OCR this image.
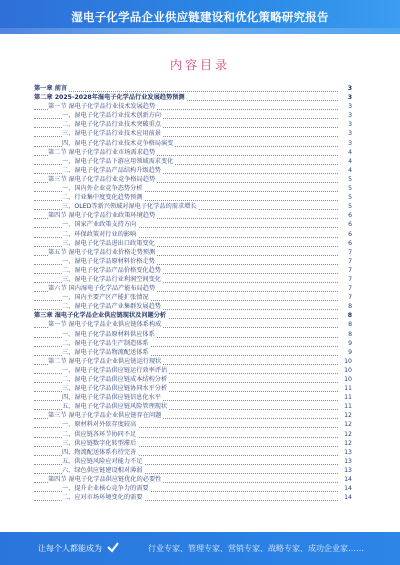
湿电子化学品企业供应链建设和优化策略研究报告
内容目录
第一章 前言	3
第二章 2025-2028年湿电子化学品行业发展趋势预测	3
第一节 湿电子化学品行业技术发展趋势	3
一、湿电子化学品行业技术创新方向	3
二、湿电子化学品行业技术突破重点	3
三、湿电子化学品行业技术应用前景	3
四、湿电子化学品行业技术竞争格局演变	3
第二节 湿电子化学品行业市场需求趋势	4
一、湿电子化学品下游应用领域需求变化	4
二、湿电子化学品产品结构升级趋势	4
第三节 湿电子化学品行业竞争格局趋势	5
一、国内外企业竞争态势分析	5
二、行业集中度变化趋势预测	5
三、OLED等新兴领域对湿电子化学品的需求增长	5
第四节 湿电子化学品行业政策环境趋势	6
一、国家产业政策支持方向	6
二、环保政策对行业的影响	6
三、湿电子化学品进出口政策变化	6
第五节 湿电子化学品行业价格走势预测	7
一、湿电子化学品原材料价格走势	7
二、湿电子化学品产品价格变化趋势	7
三、湿电子化学品行业利润空间变化	7
第六节 国内湿电子化学品产能布局趋势	7
一、国内主要产区产能扩张情况	7
二、湿电子化学品产业集群发展趋势	8
第三章 湿电子化学品企业供应链现状及问题分析	8
第一节 湿电子化学品企业供应链体系构成	8
一、湿电子化学品原材料供应体系	8
二、湿电子化学品生产制造体系	9
三、湿电子化学品物流配送体系	9
第二节 湿电子化学品企业供应链运行现状	10
一、湿电子化学品供应链运行效率评估	10
二、湿电子化学品供应链成本结构分析	10
三、湿电子化学品供应链协同水平分析	11
四、湿电子化学品供应链信息化水平	11
五、湿电子化学品供应链风险管理现状	11
第三节 湿电子化学品企业供应链存在问题	12
一、原材料对外依存度较高	12
二、供应链各环节协同不足	12
三、供应链数字化转型滞后	12
四、物流配送体系有待完善	13
五、供应链风险应对能力不足	13
六、绿色供应链建设相对薄弱	13
第四节 湿电子化学品供应链优化的必要性	14
一、提升企业核心竞争力的需要	14
二、应对市场环境变化的需要	14
让每个人都能成为	行业专家、管理专家、营销专家、战略专家、成功企业家……
